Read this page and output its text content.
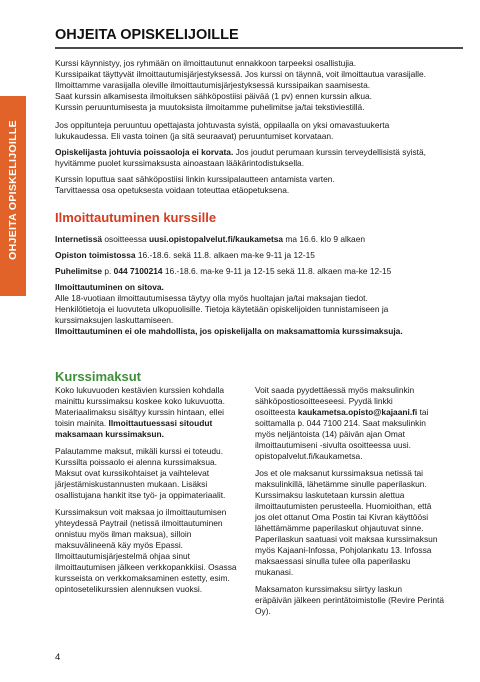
OHJEITA OPISKELIJOILLE
OHJEITA OPISKELIJOILLE

Kurssi käynnistyy, jos ryhmään on ilmoittautunut ennakkoon tarpeeksi osallistujia.

Kurssipaikat täyttyvät ilmoittautumisjärjestyksessä. Jos kurssi on täynnä, voit ilmoittautua varasijalle.

Ilmoittamme varasijalla oleville ilmoittautumisjärjestyksessä kurssipaikan saamisesta.

Saat kurssin alkamisesta ilmoituksen sähköpostiisi päivää (1 pv) ennen kurssin alkua.

Kurssin peruuntumisesta ja muutoksista ilmoitamme puhelimitse ja/tai tekstiviestillä.

Jos oppitunteja peruuntuu opettajasta johtuvasta syistä, oppilaalla on yksi omavastuukerta

lukukaudessa. Eli vasta toinen (ja sitä seuraavat) peruuntumiset korvataan.

Opiskelijasta johtuvia poissaoloja ei korvata. Jos joudut perumaan kurssin terveydellisistä syistä,

hyvitämme puolet kurssimaksusta ainoastaan lääkärintodistuksella.

Kurssin loputtua saat sähköpostiisi linkin kurssipalautteen antamista varten.

Tarvittaessa osa opetuksesta voidaan toteuttaa etäopetuksena.

Ilmoittautuminen kurssille
Internetissä osoitteessa uusi.opistopalvelut.fi/kaukametsa ma 16.6. klo 9 alkaen
Opiston toimistossa 16.-18.6. sekä 11.8. alkaen ma-ke 9-11 ja 12-15
Puhelimitse p. 044 7100214 16.-18.6. ma-ke 9-11 ja 12-15 sekä 11.8. alkaen ma-ke 12-15

Ilmoittautuminen on sitova.

Alle 18-vuotiaan ilmoittautumisessa täytyy olla myös huoltajan ja/tai maksajan tiedot.

Henkilötietoja ei luovuteta ulkopuolisille. Tietoja käytetään opiskelijoiden tunnistamiseen ja

kurssimaksujen laskuttamiseen.

Ilmoittautuminen ei ole mahdollista, jos opiskelijalla on maksamattomia kurssimaksuja.

Kurssimaksut

Koko lukuvuoden kestävien kurssien kohdalla
mainittu kurssimaksu koskee koko lukuvuotta.
Materiaalimaksu sisältyy kurssin hintaan, ellei
toisin mainita. Ilmoittautuessasi sitoudut
maksamaan kurssimaksun.

Palautamme maksut, mikäli kurssi ei toteudu.
Kurssilta poissaolo ei alenna kurssimaksua.
Maksut ovat kurssikohtaiset ja vaihtelevat
järjestämiskustannusten mukaan. Lisäksi
osallistujana hankit itse työ- ja oppimateriaalit.

Kurssimaksun voit maksaa jo ilmoittautumisen
yhteydessä Paytrail (netissä ilmoittautuminen
onnistuu myös ilman maksua), silloin
maksuvälineenä käy myös Epassi.
Ilmoittautumisjärjestelmä ohjaa sinut
ilmoittautumisen jälkeen verkkopankkiisi. Osassa
kursseista on verkkomaksaminen estetty, esim.
opintosetelikurssien alennuksen vuoksi.

Voit saada pyydettäessä myös maksulinkin
sähköpostiosoitteeseesi. Pyydä linkki
osoitteesta kaukametsa.opisto@kajaani.fi tai
soittamalla p. 044 7100 214. Saat maksulinkin
myös neljäntoista (14) päivän ajan Omat
ilmoittautumiseni -sivulta osoitteessa uusi.
opistopalvelut.fi/kaukametsa.

Jos et ole maksanut kurssimaksua netissä tai
maksulinkillä, lähetämme sinulle paperilaskun.
Kurssimaksu laskutetaan kurssin alettua
ilmoittautumisten perusteella. Huomioithan, että
jos olet ottanut Oma Postin tai Kivran käyttöösi
lähettämämme paperilaskut ohjautuvat sinne.
Paperilaskun saatuasi voit maksaa kurssimaksun
myös Kajaani-Infossa, Pohjolankatu 13. Infossa
maksaessasi sinulla tulee olla paperilasku
mukanasi.

Maksamaton kurssimaksu siirtyy laskun
eräpäivän jälkeen perintätoimistolle (Revire Perintä
Oy).

4
